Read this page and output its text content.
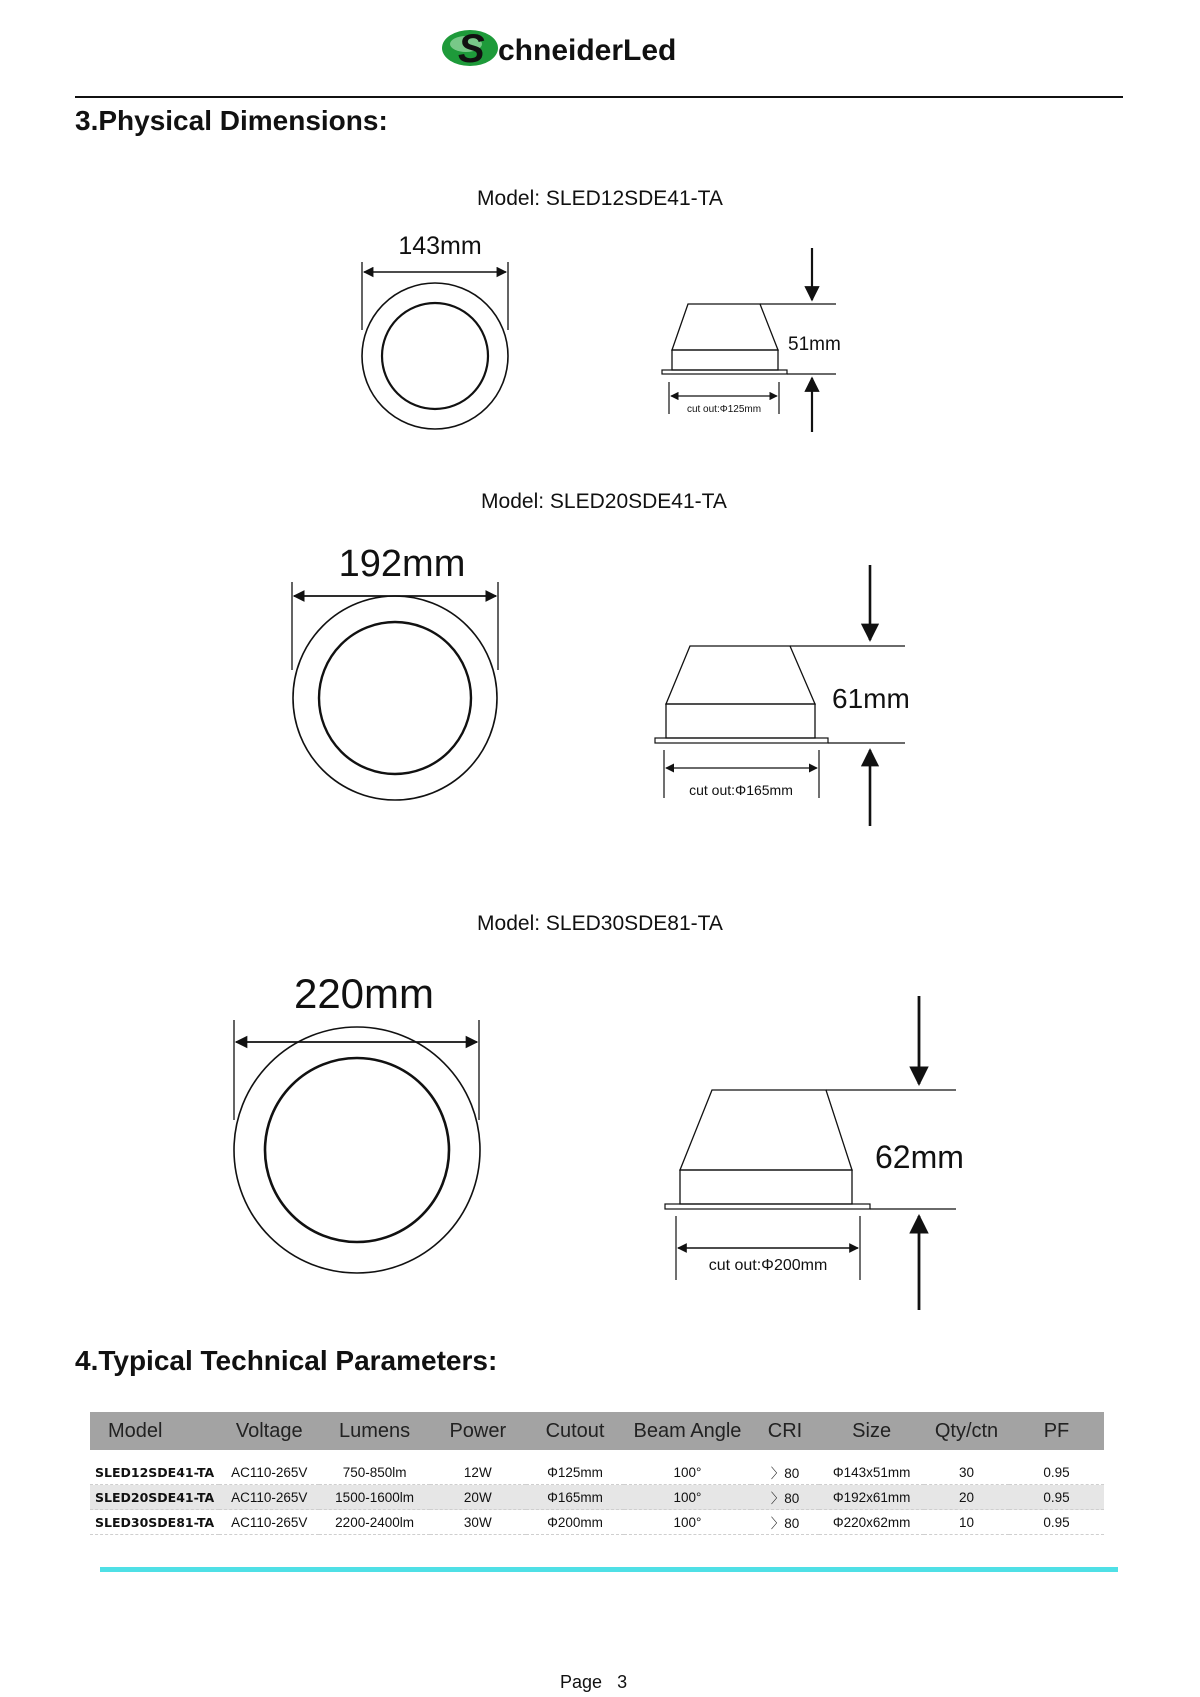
S chneiderLed
3.Physical Dimensions:
Model: SLED12SDE41-TA
143mm
51mm
cut out:Φ125mm
Model: SLED20SDE41-TA
192mm
61mm
cut out:Φ165mm
Model: SLED30SDE81-TA
220mm
62mm
cut out:Φ200mm
4.Typical Technical Parameters:
Model	Voltage	Lumens	Power	Cutout	Beam Angle	CRI	Size	Qty/ctn	PF
SLED12SDE41-TA	AC110-265V	750-850lm	12W	Φ125mm	100°	〉80	Φ143x51mm	30	0.95
SLED20SDE41-TA	AC110-265V	1500-1600lm	20W	Φ165mm	100°	〉80	Φ192x61mm	20	0.95
SLED30SDE81-TA	AC110-265V	2200-2400lm	30W	Φ200mm	100°	〉80	Φ220x62mm	10	0.95
Page 3
